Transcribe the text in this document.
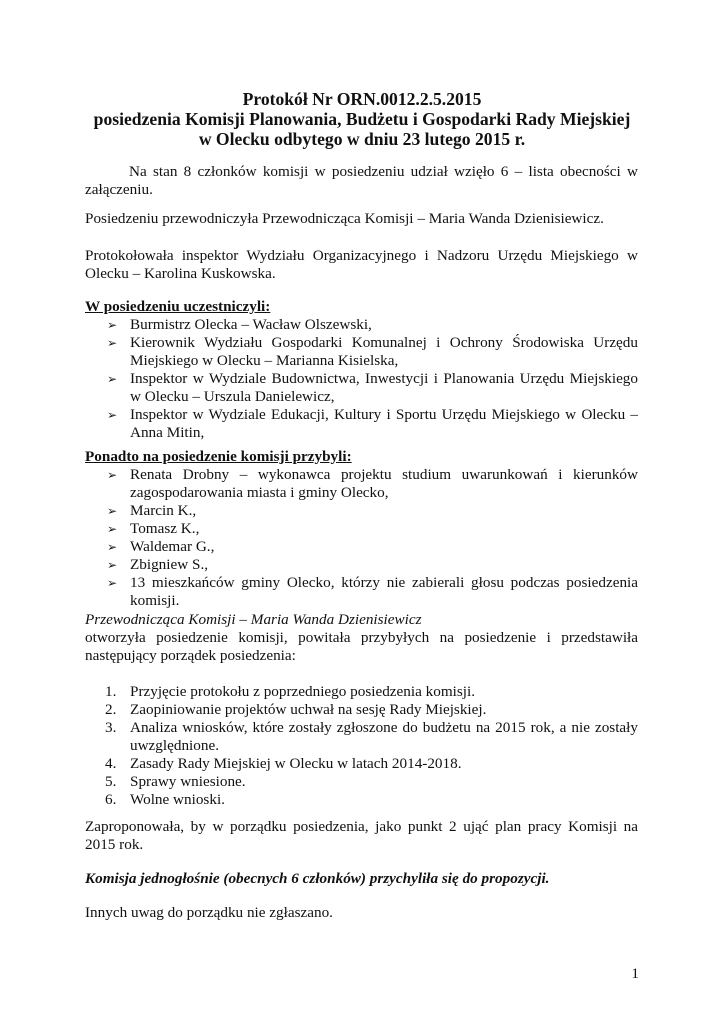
Protokół Nr ORN.0012.2.5.2015
posiedzenia Komisji Planowania, Budżetu i Gospodarki Rady Miejskiej
w Olecku odbytego w dniu 23 lutego 2015 r.
Na stan 8 członków komisji w posiedzeniu udział wzięło 6 – lista obecności w załączeniu.
Posiedzeniu przewodniczyła Przewodnicząca Komisji – Maria Wanda Dzienisiewicz.
Protokołowała inspektor Wydziału Organizacyjnego i Nadzoru Urzędu Miejskiego w Olecku – Karolina Kuskowska.
W posiedzeniu uczestniczyli:
➢ Burmistrz Olecka – Wacław Olszewski,
➢ Kierownik Wydziału Gospodarki Komunalnej i Ochrony Środowiska Urzędu Miejskiego w Olecku – Marianna Kisielska,
➢ Inspektor w Wydziale Budownictwa, Inwestycji i Planowania Urzędu Miejskiego w Olecku – Urszula Danielewicz,
➢ Inspektor w Wydziale Edukacji, Kultury i Sportu Urzędu Miejskiego w Olecku – Anna Mitin,
Ponadto na posiedzenie komisji przybyli:
➢ Renata Drobny – wykonawca projektu studium uwarunkowań i kierunków zagospodarowania miasta i gminy Olecko,
➢ Marcin K.,
➢ Tomasz K.,
➢ Waldemar G.,
➢ Zbigniew S.,
➢ 13 mieszkańców gminy Olecko, którzy nie zabierali głosu podczas posiedzenia komisji.
Przewodnicząca Komisji – Maria Wanda Dzienisiewicz
otworzyła posiedzenie komisji, powitała przybyłych na posiedzenie i przedstawiła następujący porządek posiedzenia:
1. Przyjęcie protokołu z poprzedniego posiedzenia komisji.
2. Zaopiniowanie projektów uchwał na sesję Rady Miejskiej.
3. Analiza wniosków, które zostały zgłoszone do budżetu na 2015 rok, a nie zostały uwzględnione.
4. Zasady Rady Miejskiej w Olecku w latach 2014-2018.
5. Sprawy wniesione.
6. Wolne wnioski.
Zaproponowała, by w porządku posiedzenia, jako punkt 2 ująć plan pracy Komisji na 2015 rok.
Komisja jednogłośnie (obecnych 6 członków) przychyliła się do propozycji.
Innych uwag do porządku nie zgłaszano.
1
